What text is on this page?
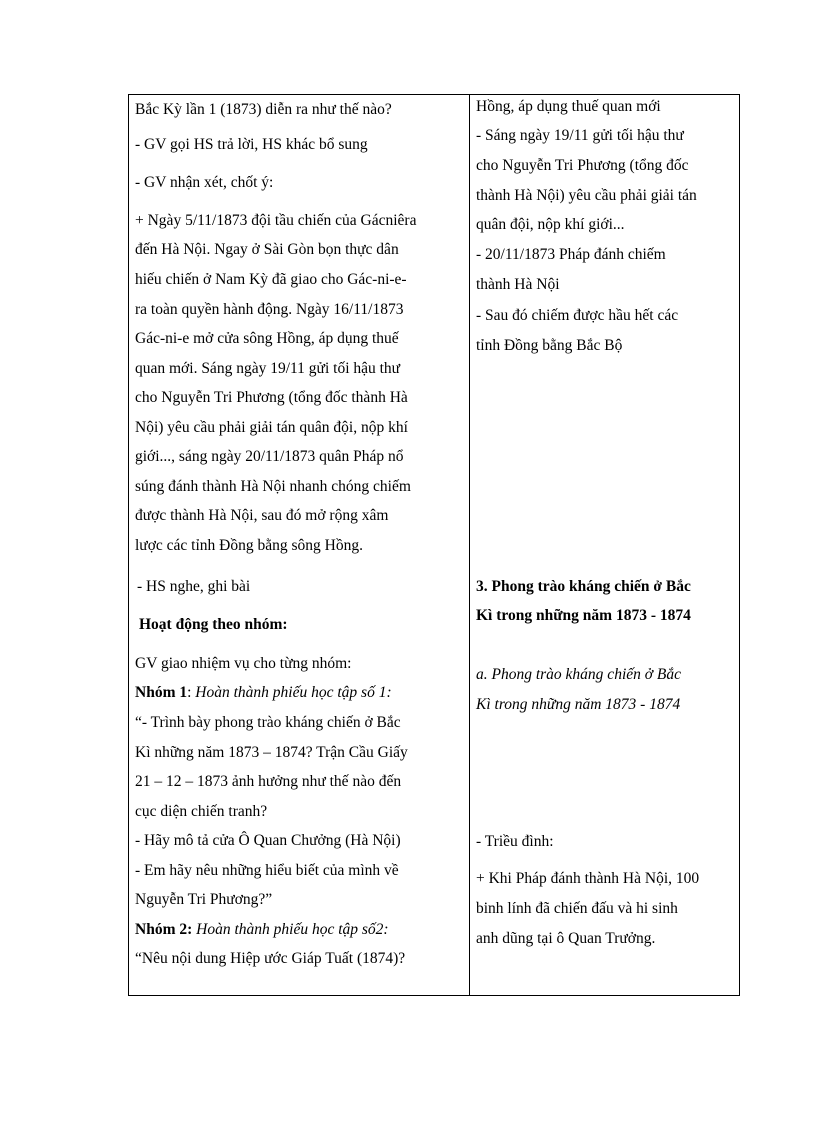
Bắc Kỳ lần 1 (1873) diễn ra như thế nào?

- GV gọi HS trả lời, HS khác bổ sung

- GV nhận xét, chốt ý:

+ Ngày 5/11/1873 đội tầu chiến của Gácniêra

đến Hà Nội. Ngay ở Sài Gòn bọn thực dân

hiếu chiến ở Nam Kỳ đã giao cho Gác-ni-e-

ra toàn quyền hành động. Ngày 16/11/1873

Gác-ni-e mở cửa sông Hồng, áp dụng thuế

quan mới. Sáng ngày 19/11 gửi tối hậu thư

cho Nguyễn Tri Phương (tổng đốc thành Hà

Nội) yêu cầu phải giải tán quân đội, nộp khí

giới..., sáng ngày 20/11/1873 quân Pháp nổ

súng đánh thành Hà Nội nhanh chóng chiếm

được thành Hà Nội, sau đó mở rộng xâm

lược các tỉnh Đồng bằng sông Hồng.

- HS nghe, ghi bài

Hoạt động theo nhóm:

GV giao nhiệm vụ cho từng nhóm:

Nhóm 1: Hoàn thành phiếu học tập số 1:

“- Trình bày phong trào kháng chiến ở Bắc

Kì những năm 1873 – 1874? Trận Cầu Giấy

21 – 12 – 1873 ảnh hưởng như thế nào đến

cục diện chiến tranh?

- Hãy mô tả cửa Ô Quan Chưởng (Hà Nội)

- Em hãy nêu những hiểu biết của mình về

Nguyễn Tri Phương?”

Nhóm 2: Hoàn thành phiếu học tập số2:

“Nêu nội dung Hiệp ước Giáp Tuất (1874)?

Hồng, áp dụng thuế quan mới

- Sáng ngày 19/11 gửi tối hậu thư

cho Nguyễn Tri Phương (tổng đốc

thành Hà Nội) yêu cầu phải giải tán

quân đội, nộp khí giới...

- 20/11/1873 Pháp đánh chiếm

thành Hà Nội

- Sau đó chiếm được hầu hết các

tỉnh Đồng bằng Bắc Bộ

3. Phong trào kháng chiến ở Bắc

Kì trong những năm 1873 - 1874

a. Phong trào kháng chiến ở Bắc

Kì trong những năm 1873 - 1874

- Triều đình:

+ Khi Pháp đánh thành Hà Nội, 100

binh lính đã chiến đấu và hi sinh

anh dũng tại ô Quan Trưởng.
